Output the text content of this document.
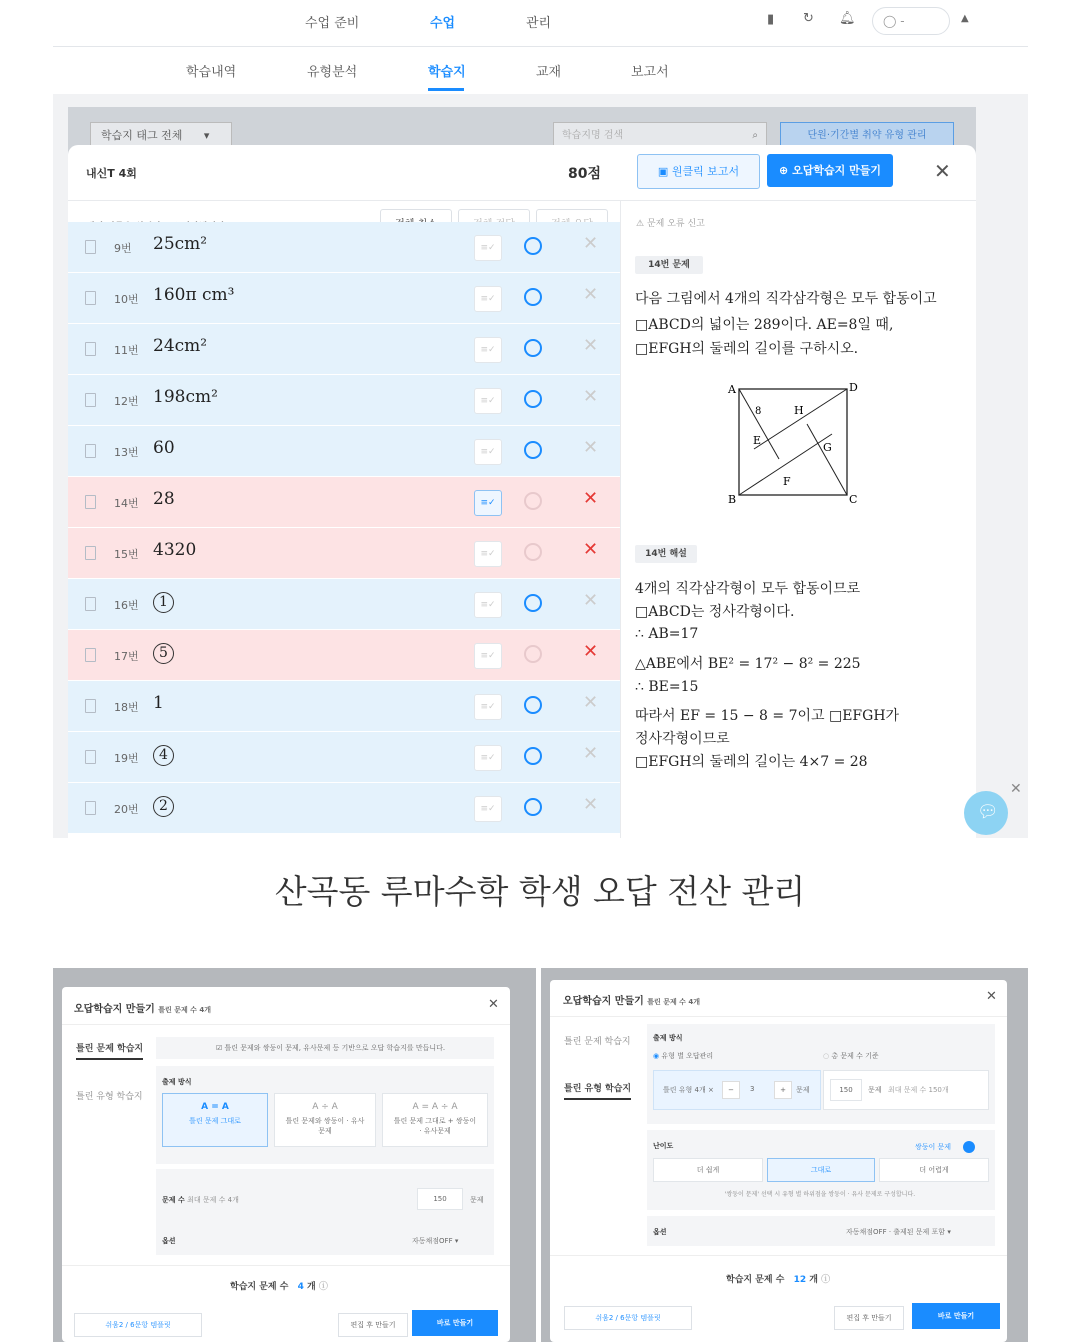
수업 준비	수업	관리	▮ ↻ 🔔︎	◯ -	▲
학습내역	유형분석	학습지	교재	보고서
학습지 태그 전체 ▾	학습지명 검색	⌕	단원·기간별 취약 유형 관리
내신T 4회	80점	▣ 원클릭 보고서	⊕ 오답학습지 만들기	✕
9번 25cm²	≡✓	✕
10번 160π cm³	≡✓	✕
11번 24cm²	≡✓	✕
12번 198cm²	≡✓	✕
13번 60	≡✓	✕
14번 28	≡✓	✕
15번 4320	≡✓	✕
16번	1	≡✓	✕
17번	5	≡✓	✕
18번 1	≡✓	✕
19번	4	≡✓	✕
20번	2	≡✓	✕
⚠ 문제 오류 신고
14번 문제
다음 그림에서 4개의 직각삼각형은 모두 합동이고
□ABCD의 넓이는 289이다. AE=8일 때,
□EFGH의 둘레의 길이를 구하시오.
A	D
B	C
E
F
G
H
8
14번 해설
4개의 직각삼각형이 모두 합동이므로
□ABCD는 정사각형이다.
∴ AB=17
△ABE에서 BE² = 17² − 8² = 225
∴ BE=15
따라서 EF = 15 − 8 = 7이고 □EFGH가
정사각형이므로
□EFGH의 둘레의 길이는 4×7 = 28
💬︎
✕
산곡동 루마수학 학생 오답 전산 관리
오답학습지 만들기 틀린 문제 수 4개	✕
틀린 문제 학습지
틀린 유형 학습지
☑ 틀린 문제와 쌍둥이 문제, 유사문제 등 기반으로 오답 학습지를 만듭니다.
출제 방식
A = A
틀린 문제 그대로
A ÷ A
틀린 문제와 쌍둥이 · 유사문제
A = A ÷ A
틀린 문제 그대로 + 쌍둥이 · 유사문제
문제 수 최대 문제 수 4개	150	문제
옵션	자동채점OFF ▾
학습지 문제 수 4 개 ⓘ
쉬움2 / 6문항 템플릿	편집 후 만들기	바로 만들기
오답학습지 만들기 틀린 문제 수 4개	✕
틀린 문제 학습지
틀린 유형 학습지
출제 방식
◉ 유형 별 오답관리	○ 총 문제 수 기준
틀린 유형 4개 ×	−	3	+	문제	150	문제 최대 문제 수 150개
난이도	쌍둥이 문제
더 쉽게	그대로	더 어렵게
'쌍둥이 문제' 선택 시 유형 별 하위점을 쌍둥이 · 유사 문제로 구성합니다.
옵션	자동채점OFF · 출제된 문제 포함 ▾
학습지 문제 수 12 개 ⓘ
쉬움2 / 6문항 템플릿	편집 후 만들기	바로 만들기
